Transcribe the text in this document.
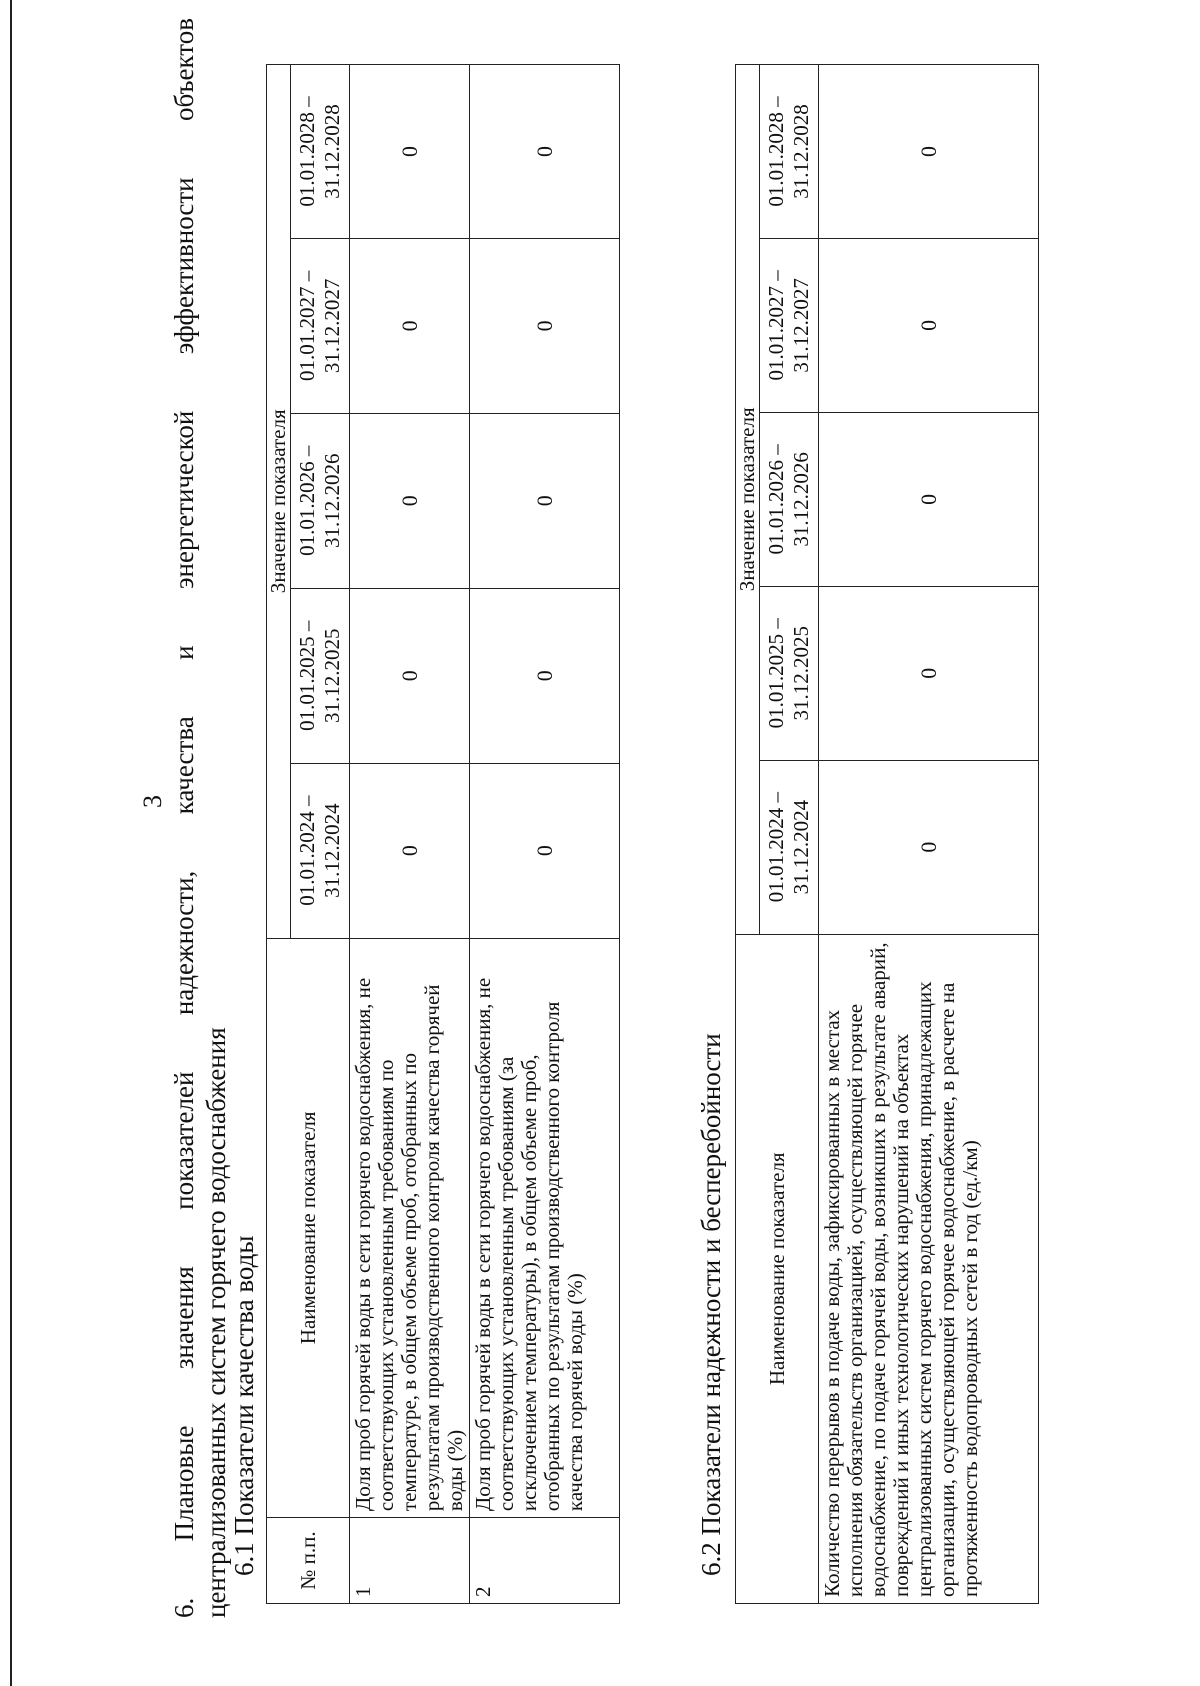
3
6.
Плановые
значения
показателей
надежности,
качества
и
энергетической
эффективности
объектов
централизованных систем горячего водоснабжения
6.1 Показатели качества воды № п.п.	Наименование показателя	Значение показателя				
		01.01.2024 – 31.12.2024	01.01.2025 – 31.12.2025	01.01.2026 – 31.12.2026	01.01.2027 – 31.12.2027	01.01.2028 – 31.12.2028
1	Доля проб горячей воды в сети горячего водоснабжения, не соответствующих установленным требованиям по температуре, в общем объеме проб, отобранных по результатам производственного контроля качества горячей воды (%)	0	0	0	0	0
2	Доля проб горячей воды в сети горячего водоснабжения, не соответствующих установленным требованиям (за исключением температуры), в общем объеме проб, отобранных по результатам производственного контроля качества горячей воды (%)	0	0	0	0	0
6.2 Показатели надежности и бесперебойности Наименование показателя	Значение показателя				
	01.01.2024 – 31.12.2024	01.01.2025 – 31.12.2025	01.01.2026 – 31.12.2026	01.01.2027 – 31.12.2027	01.01.2028 – 31.12.2028
Количество перерывов в подаче воды, зафиксированных в местах исполнения обязательств организацией, осуществляющей горячее водоснабжение, по подаче горячей воды, возникших в результате аварий, повреждений и иных технологических нарушений на объектах централизованных систем горячего водоснабжения, принадлежащих организации, осуществляющей горячее водоснабжение, в расчете на протяженность водопроводных сетей в год (ед./км)	0	0	0	0	0
